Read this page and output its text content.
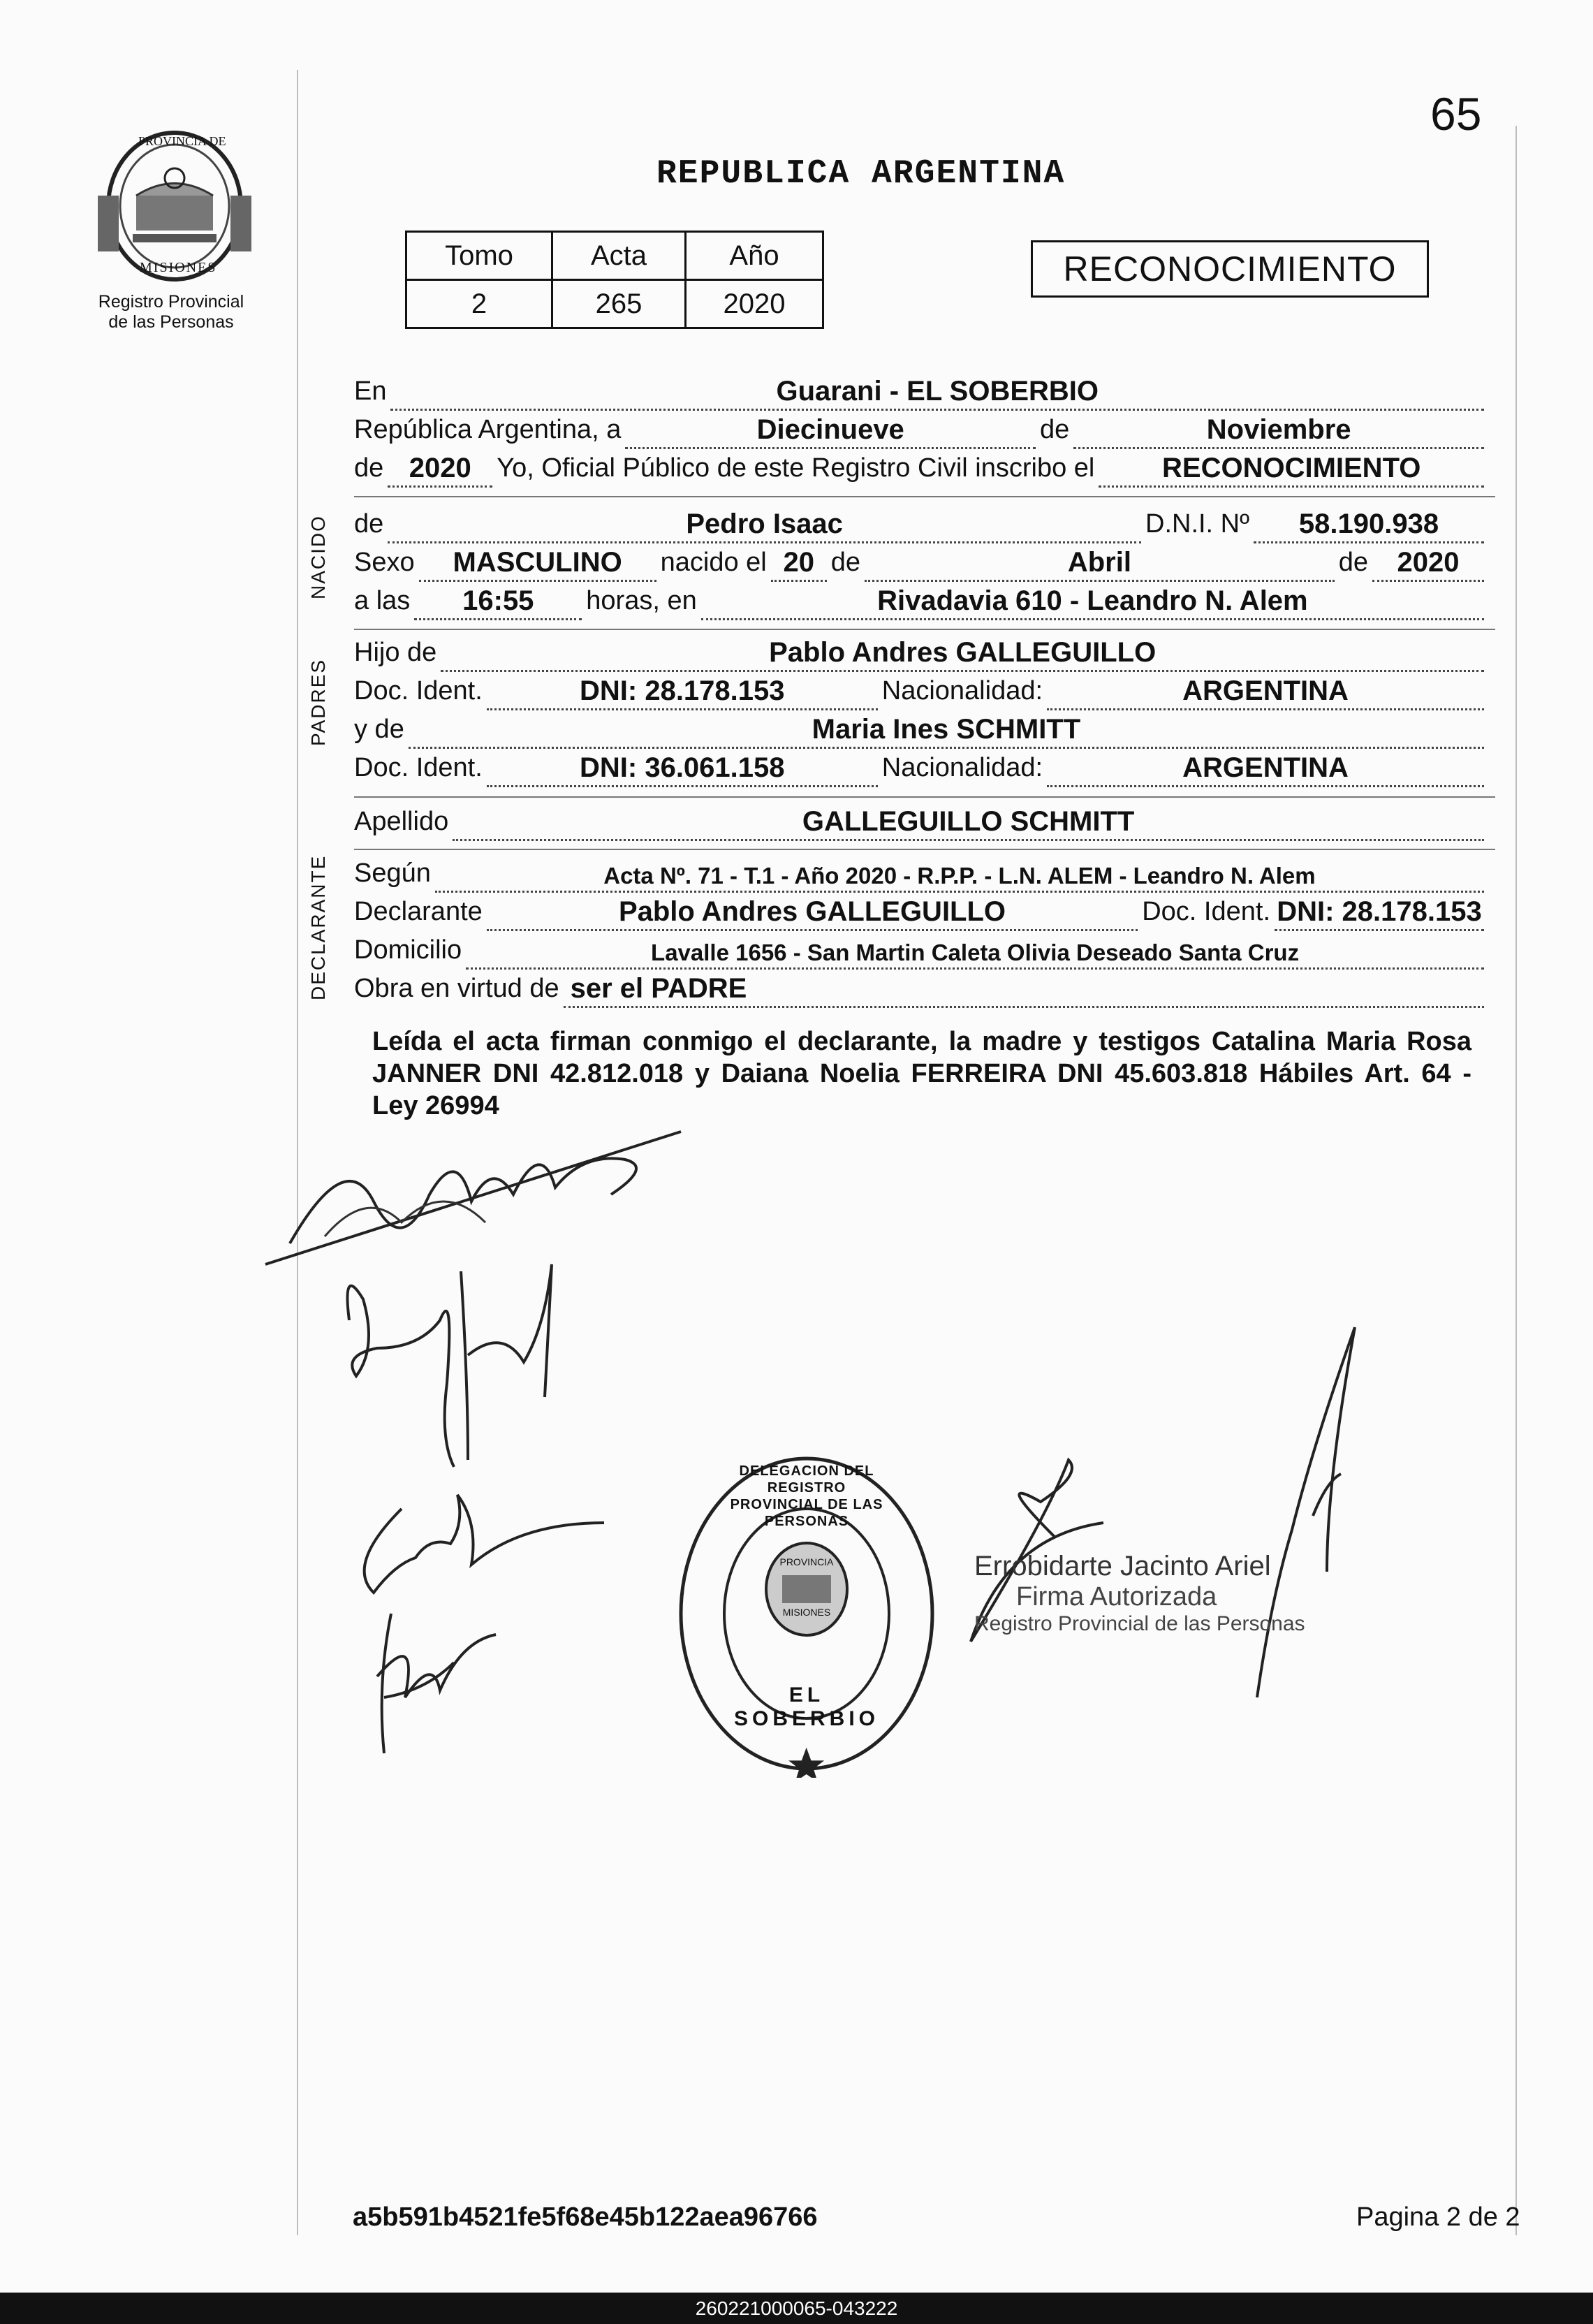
65
REPUBLICA ARGENTINA
PROVINCIA DE
MISIONES
Registro Provincial
de las Personas
Tomo	Acta	Año
2	265	2020
RECONOCIMIENTO
En	Guarani - EL SOBERBIO
República Argentina, a	Diecinueve	de	Noviembre
de 2020 Yo, Oficial Público de este Registro Civil inscribo el	RECONOCIMIENTO
NACIDO de	Pedro Isaac	D.N.I. Nº	58.190.938
Sexo	MASCULINO	nacido el 20 de	Abril	de	2020
a las	16:55	horas, en	Rivadavia 610 - Leandro N. Alem
PADRES
Hijo de	Pablo Andres GALLEGUILLO
Doc. Ident.	DNI: 28.178.153	Nacionalidad:	ARGENTINA
y de	Maria Ines SCHMITT
Doc. Ident.	DNI: 36.061.158	Nacionalidad:	ARGENTINA
Apellido	GALLEGUILLO SCHMITT
DECLARANTE Según	Acta Nº. 71 - T.1 - Año 2020 - R.P.P. - L.N. ALEM - Leandro N. Alem
Declarante	Pablo Andres GALLEGUILLO	Doc. Ident. DNI: 28.178.153
Domicilio	Lavalle 1656 - San Martin Caleta Olivia Deseado Santa Cruz
Obra en virtud de ser el PADRE
Leída el acta firman conmigo el declarante, la madre y testigos Catalina Maria Rosa JANNER DNI 42.812.018 y Daiana Noelia FERREIRA DNI 45.603.818 Hábiles Art. 64 - Ley 26994
DELEGACION DEL REGISTRO PROVINCIAL DE LAS PERSONAS
PROVINCIA
MISIONES
EL SOBERBIO
Errobidarte Jacinto Ariel
Firma Autorizada
Registro Provincial de las Personas
a5b591b4521fe5f68e45b122aea96766	Pagina 2 de 2
260221000065-043222
